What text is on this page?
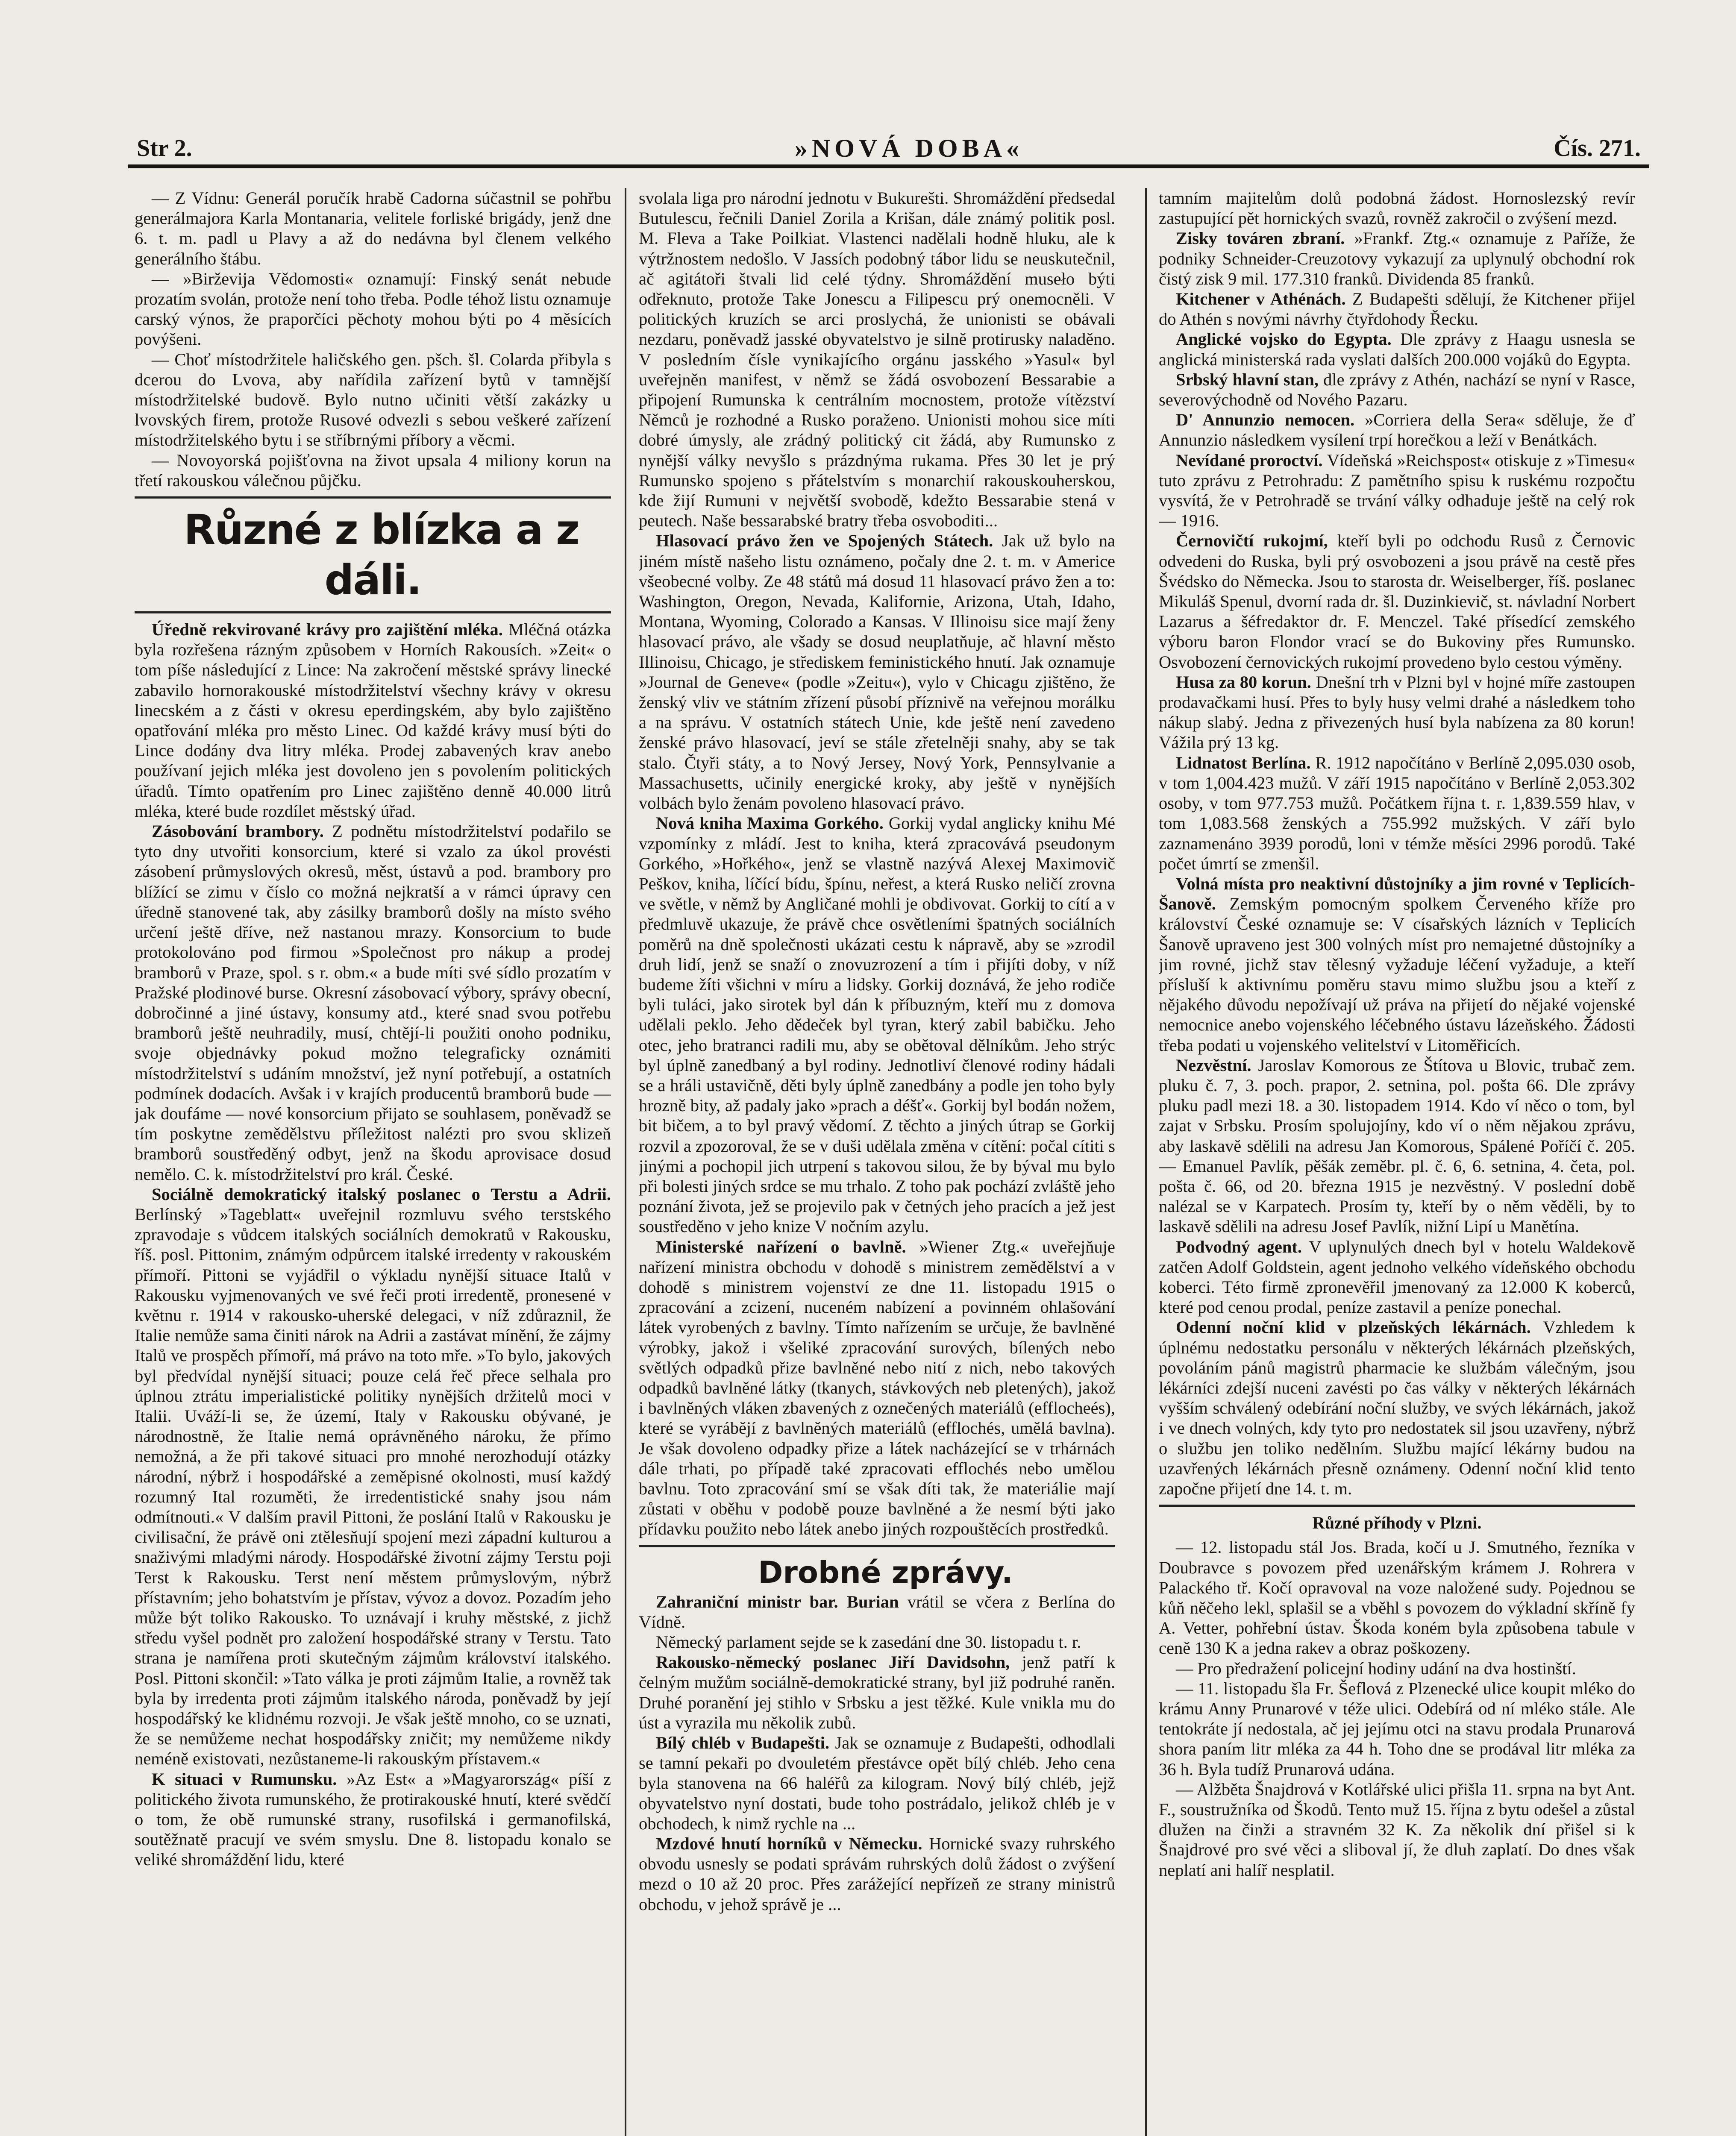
Str 2.	»NOVÁ DOBA«	Čís. 271.

— Z Vídnu: Generál poručík hrabě Cadorna súčastnil se pohřbu generálmajora Karla Montanaria, velitele forliské brigády, jenž dne 6. t. m. padl u Plavy a až do nedávna byl členem velkého generálního štábu.

— »Birževija Vědomosti« oznamují: Finský senát nebude prozatím svolán, protože není toho třeba. Podle téhož listu oznamuje carský výnos, že praporčíci pěchoty mohou býti po 4 měsících povýšeni.

— Choť místodržitele haličského gen. pšch. šl. Colarda přibyla s dcerou do Lvova, aby nařídila zařízení bytů v tamnější místodržitelské budově. Bylo nutno učiniti větší zakázky u lvovských firem, protože Rusové odvezli s sebou veškeré zařízení místodržitelského bytu i se stříbrnými příbory a věcmi.

— Novoyorská pojišťovna na život upsala 4 miliony korun na třetí rakouskou válečnou půjčku.

Různé z blízka a z dáli.

Úředně rekvirované krávy pro zajištění mléka. Mléčná otázka byla rozřešena rázným způsobem v Horních Rakousích. »Zeit« o tom píše následující z Lince: Na zakročení městské správy linecké zabavilo hornorakouské místodržitelství všechny krávy v okresu linecském a z části v okresu eperdingském, aby bylo zajištěno opatřování mléka pro město Linec. Od každé krávy musí býti do Lince dodány dva litry mléka. Prodej zabavených krav anebo používaní jejich mléka jest dovoleno jen s povolením politických úřadů. Tímto opatřením pro Linec zajištěno denně 40.000 litrů mléka, které bude rozdílet městský úřad.

Zásobování brambory. Z podnětu místodržitelství podařilo se tyto dny utvořiti konsorcium, které si vzalo za úkol provésti zásobení průmyslových okresů, měst, ústavů a pod. brambory pro blížící se zimu v číslo co možná nejkratší a v rámci úpravy cen úředně stanovené tak, aby zásilky bramborů došly na místo svého určení ještě dříve, než nastanou mrazy. Konsorcium to bude protokolováno pod firmou »Společnost pro nákup a prodej bramborů v Praze, spol. s r. obm.« a bude míti své sídlo prozatím v Pražské plodinové burse. Okresní zásobovací výbory, správy obecní, dobročinné a jiné ústavy, konsumy atd., které snad svou potřebu bramborů ještě neuhradily, musí, chtějí-li použiti onoho podniku, svoje objednávky pokud možno telegraficky oznámiti místodržitelství s udáním množství, jež nyní potřebují, a ostatních podmínek dodacích. Avšak i v krajích producentů bramborů bude — jak doufáme — nové konsorcium přijato se souhlasem, poněvadž se tím poskytne zemědělstvu příležitost nalézti pro svou sklizeň bramborů soustředěný odbyt, jenž na škodu aprovisace dosud nemělo. C. k. místodržitelství pro král. České.

Sociálně demokratický italský poslanec o Terstu a Adrii. Berlínský »Tageblatt« uveřejnil rozmluvu svého terstského zpravodaje s vůdcem italských sociálních demokratů v Rakousku, říš. posl. Pittonim, známým odpůrcem italské irredenty v rakouském přímoří. Pittoni se vyjádřil o výkladu nynější situace Italů v Rakousku vyjmenovaných ve své řeči proti irredentě, pronesené v květnu r. 1914 v rakousko-uherské delegaci, v níž zdůraznil, že Italie nemůže sama činiti nárok na Adrii a zastávat mínění, že zájmy Italů ve prospěch přímoří, má právo na toto mře. »To bylo, jakových byl předvídal nynější situaci; pouze celá řeč přece selhala pro úplnou ztrátu imperialistické politiky nynějších držitelů moci v Italii. Uváží-li se, že území, Italy v Rakousku obývané, je národnostně, že Italie nemá oprávněného nároku, že přímo nemožná, a že při takové situaci pro mnohé nerozhodují otázky národní, nýbrž i hospodářské a zeměpisné okolnosti, musí každý rozumný Ital rozuměti, že irredentistické snahy jsou nám odmítnouti.« V dalším pravil Pittoni, že poslání Italů v Rakousku je civilisační, že právě oni ztělesňují spojení mezi západní kulturou a snaživými mladými národy. Hospodářské životní zájmy Terstu poji Terst k Rakousku. Terst není městem průmyslovým, nýbrž přístavním; jeho bohatstvím je přístav, vývoz a dovoz. Pozadím jeho může být toliko Rakousko. To uznávají i kruhy městské, z jichž středu vyšel podnět pro založení hospodářské strany v Terstu. Tato strana je namířena proti skutečným zájmům království italského. Posl. Pittoni skončil: »Tato válka je proti zájmům Italie, a rovněž tak byla by irredenta proti zájmům italského národa, poněvadž by její hospodářský ke klidnému rozvoji. Je však ještě mnoho, co se uznati, že se nemůžeme nechat hospodářsky zničit; my nemůžeme nikdy neméně existovati, nezůstaneme-li rakouským přístavem.«

K situaci v Rumunsku. »Az Est« a »Magyarország« píší z politického života rumunského, že protirakouské hnutí, které svědčí o tom, že obě rumunské strany, rusofilská i germanofilská, soutěžnatě pracují ve svém smyslu. Dne 8. listopadu konalo se veliké shromáždění lidu, které

svolala liga pro národní jednotu v Bukurešti. Shromáždění předsedal Butulescu, řečnili Daniel Zorila a Krišan, dále známý politik posl. M. Fleva a Take Poilkiat. Vlastenci nadělali hodně hluku, ale k výtržnostem nedošlo. V Jassích podobný tábor lidu se neuskutečnil, ač agitátoři štvali lid celé týdny. Shromáždění museło býti odřeknuto, protože Take Jonescu a Filipescu prý onemocněli. V politických kruzích se arci proslychá, že unionisti se obávali nezdaru, poněvadž jasské obyvatelstvo je silně protirusky naladěno. V posledním čísle vynikajícího orgánu jasského »Yasul« byl uveřejněn manifest, v němž se žádá osvobození Bessarabie a připojení Rumunska k centrálním mocnostem, protože vítězství Němců je rozhodné a Rusko poraženo. Unionisti mohou sice míti dobré úmysly, ale zrádný politický cit žádá, aby Rumunsko z nynější války nevyšlo s prázdnýma rukama. Přes 30 let je prý Rumunsko spojeno s přátelstvím s monarchií rakouskouherskou, kde žijí Rumuni v největší svobodě, kdežto Bessarabie stená v peutech. Naše bessarabské bratry třeba osvoboditi...

Hlasovací právo žen ve Spojených Státech. Jak už bylo na jiném místě našeho listu oznámeno, počaly dne 2. t. m. v Americe všeobecné volby. Ze 48 států má dosud 11 hlasovací právo žen a to: Washington, Oregon, Nevada, Kalifornie, Arizona, Utah, Idaho, Montana, Wyoming, Colorado a Kansas. V Illinoisu sice mají ženy hlasovací právo, ale všady se dosud neuplatňuje, ač hlavní město Illinoisu, Chicago, je střediskem feministického hnutí. Jak oznamuje »Journal de Geneve« (podle »Zeitu«), vylo v Chicagu zjištěno, že ženský vliv ve státním zřízení působí příznivě na veřejnou morálku a na správu. V ostatních státech Unie, kde ještě není zavedeno ženské právo hlasovací, jeví se stále zřetelněji snahy, aby se tak stalo. Čtyři státy, a to Nový Jersey, Nový York, Pennsylvanie a Massachusetts, učinily energické kroky, aby ještě v nynějších volbách bylo ženám povoleno hlasovací právo.

Nová kniha Maxima Gorkého. Gorkij vydal anglicky knihu Mé vzpomínky z mládí. Jest to kniha, která zpracovává pseudonym Gorkého, »Hořkého«, jenž se vlastně nazývá Alexej Maximovič Peškov, kniha, líčící bídu, špínu, neřest, a která Rusko neličí zrovna ve světle, v němž by Angličané mohli je obdivovat. Gorkij to cítí a v předmluvě ukazuje, že právě chce osvětleními špatných sociálních poměrů na dně společnosti ukázati cestu k nápravě, aby se »zrodil druh lidí, jenž se snaží o znovuzrození a tím i přijíti doby, v níž budeme žíti všichni v míru a lidsky. Gorkij doznává, že jeho rodiče byli tuláci, jako sirotek byl dán k příbuzným, kteří mu z domova udělali peklo. Jeho dědeček byl tyran, který zabil babičku. Jeho otec, jeho bratranci radili mu, aby se obětoval dělníkům. Jeho strýc byl úplně zanedbaný a byl rodiny. Jednotliví členové rodiny hádali se a hráli ustavičně, děti byly úplně zanedbány a podle jen toho byly hrozně bity, až padaly jako »prach a déšť«. Gorkij byl bodán nožem, bit bičem, a to byl pravý vědomí. Z těchto a jiných útrap se Gorkij rozvil a zpozoroval, že se v duši udělala změna v cítění: počal cítiti s jinými a pochopil jich utrpení s takovou silou, že by býval mu bylo při bolesti jiných srdce se mu trhalo. Z toho pak pochází zvláště jeho poznání života, jež se projevilo pak v četných jeho pracích a jež jest soustředěno v jeho knize V nočním azylu.

Ministerské nařízení o bavlně. »Wiener Ztg.« uveřejňuje nařízení ministra obchodu v dohodě s ministrem zemědělství a v dohodě s ministrem vojenství ze dne 11. listopadu 1915 o zpracování a zcizení, nuceném nabízení a povinném ohlašování látek vyrobených z bavlny. Tímto nařízením se určuje, že bavlněné výrobky, jakož i všeliké zpracování surových, bílených nebo světlých odpadků přize bavlněné nebo nití z nich, nebo takových odpadků bavlněné látky (tkanych, stávkových neb pletených), jakož i bavlněných vláken zbavených z oznečených materiálů (efflocheés), které se vyrábějí z bavlněných materiálů (efflochés, umělá bavlna). Je však dovoleno odpadky přize a látek nacházející se v trhárnách dále trhati, po případě také zpracovati efflochés nebo umělou bavlnu. Toto zpracování smí se však díti tak, že materiálie mají zůstati v oběhu v podobě pouze bavlněné a že nesmí býti jako přídavku použito nebo látek anebo jiných rozpouštěcích prostředků.

Drobné zprávy.

Zahraniční ministr bar. Burian vrátil se včera z Berlína do Vídně.

Německý parlament sejde se k zasedání dne 30. listopadu t. r.

Rakousko-německý poslanec Jiří Davidsohn, jenž patří k čelným mužům sociálně-demokratické strany, byl již podruhé raněn. Druhé poranění jej stihlo v Srbsku a jest těžké. Kule vnikla mu do úst a vyrazila mu několik zubů.

Bílý chléb v Budapešti. Jak se oznamuje z Budapešti, odhodlali se tamní pekaři po dvouletém přestávce opět bílý chléb. Jeho cena byla stanovena na 66 haléřů za kilogram. Nový bílý chléb, jejž obyvatelstvo nyní dostati, bude toho postrádalo, jelikož chléb je v obchodech, k nimž rychle na ...

Mzdové hnutí horníků v Německu. Hornické svazy ruhrského obvodu usnesly se podati správám ruhrských dolů žádost o zvýšení mezd o 10 až 20 proc. Přes zarážející nepřízeň ze strany ministrů obchodu, v jehož správě je ...

tamním majitelům dolů podobná žádost. Hornoslezský revír zastupující pět hornických svazů, rovněž zakročil o zvýšení mezd.

Zisky továren zbraní. »Frankf. Ztg.« oznamuje z Paříže, že podniky Schneider-Creuzotovy vykazují za uplynulý obchodní rok čistý zisk 9 mil. 177.310 franků. Dividenda 85 franků.

Kitchener v Athénách. Z Budapešti sdělují, že Kitchener přijel do Athén s novými návrhy čtyřdohody Řecku.

Anglické vojsko do Egypta. Dle zprávy z Haagu usnesla se anglická ministerská rada vyslati dalších 200.000 vojáků do Egypta.

Srbský hlavní stan, dle zprávy z Athén, nachází se nyní v Rasce, severovýchodně od Nového Pazaru.

D' Annunzio nemocen. »Corriera della Sera« sděluje, že ď Annunzio následkem vysílení trpí horečkou a leží v Benátkách.

Nevídané proroctví. Vídeňská »Reichspost« otiskuje z »Timesu« tuto zprávu z Petrohradu: Z pamětního spisu k ruskému rozpočtu vysvítá, že v Petrohradě se trvání války odhaduje ještě na celý rok — 1916.

Černovičtí rukojmí, kteří byli po odchodu Rusů z Černovic odvedeni do Ruska, byli prý osvobozeni a jsou právě na cestě přes Švédsko do Německa. Jsou to starosta dr. Weiselberger, říš. poslanec Mikuláš Spenul, dvorní rada dr. šl. Duzinkievič, st. návladní Norbert Lazarus a šéfredaktor dr. F. Menczel. Také přísedící zemského výboru baron Flondor vrací se do Bukoviny přes Rumunsko. Osvobození černovických rukojmí provedeno bylo cestou výměny.

Husa za 80 korun. Dnešní trh v Plzni byl v hojné míře zastoupen prodavačkami husí. Přes to byly husy velmi drahé a následkem toho nákup slabý. Jedna z přivezených husí byla nabízena za 80 korun! Vážila prý 13 kg.

Lidnatost Berlína. R. 1912 napočítáno v Berlíně 2,095.030 osob, v tom 1,004.423 mužů. V září 1915 napočítáno v Berlíně 2,053.302 osoby, v tom 977.753 mužů. Počátkem října t. r. 1,839.559 hlav, v tom 1,083.568 ženských a 755.992 mužských. V září bylo zaznamenáno 3939 porodů, loni v témže měsíci 2996 porodů. Také počet úmrtí se zmenšil.

Volná místa pro neaktivní důstojníky a jim rovné v Teplicích-Šanově. Zemským pomocným spolkem Červeného kříže pro království České oznamuje se: V císařských lázních v Teplicích Šanově upraveno jest 300 volných míst pro nemajetné důstojníky a jim rovné, jichž stav tělesný vyžaduje léčení vyžaduje, a kteří přísluší k aktivnímu poměru stavu mimo službu jsou a kteří z nějakého důvodu nepožívají už práva na přijetí do nějaké vojenské nemocnice anebo vojenského léčebného ústavu lázeňského. Žádosti třeba podati u vojenského velitelství v Litoměřicích.

Nezvěstní. Jaroslav Komorous ze Štítova u Blovic, trubač zem. pluku č. 7, 3. poch. prapor, 2. setnina, pol. pošta 66. Dle zprávy pluku padl mezi 18. a 30. listopadem 1914. Kdo ví něco o tom, byl zajat v Srbsku. Prosím spolujojíny, kdo ví o něm nějakou zprávu, aby laskavě sdělili na adresu Jan Komorous, Spálené Poříčí č. 205. — Emanuel Pavlík, pěšák zeměbr. pl. č. 6, 6. setnina, 4. četa, pol. pošta č. 66, od 20. března 1915 je nezvěstný. V poslední době nalézal se v Karpatech. Prosím ty, kteří by o něm věděli, by to laskavě sdělili na adresu Josef Pavlík, nižní Lipí u Manětína.

Podvodný agent. V uplynulých dnech byl v hotelu Waldekově zatčen Adolf Goldstein, agent jednoho velkého vídeňského obchodu koberci. Této firmě zpronevěřil jmenovaný za 12.000 K koberců, které pod cenou prodal, peníze zastavil a peníze ponechal.

Odenní noční klid v plzeňských lékárnách. Vzhledem k úplnému nedostatku personálu v některých lékárnách plzeňských, povoláním pánů magistrů pharmacie ke službám válečným, jsou lékárníci zdejší nuceni zavésti po čas války v některých lékárnách vyšším schválený odebírání noční služby, ve svých lékárnách, jakož i ve dnech volných, kdy tyto pro nedostatek sil jsou uzavřeny, nýbrž o službu jen toliko nedělním. Službu mající lékárny budou na uzavřených lékárnách přesně oznámeny. Odenní noční klid tento započne přijetí dne 14. t. m.

Různé příhody v Plzni.

— 12. listopadu stál Jos. Brada, kočí u J. Smutného, řezníka v Doubravce s povozem před uzenářským krámem J. Rohrera v Palackého tř. Kočí opravoval na voze naložené sudy. Pojednou se kůň něčeho lekl, splašil se a vběhl s povozem do výkladní skříně fy A. Vetter, pohřební ústav. Škoda koném byla způsobena tabule v ceně 130 K a jedna rakev a obraz poškozeny.

— Pro předražení policejní hodiny udání na dva hostinští.

— 11. listopadu šla Fr. Šeflová z Plzenecké ulice koupit mléko do krámu Anny Prunarové v téže ulici. Odebírá od ní mléko stále. Ale tentokráte jí nedostala, ač jej jejímu otci na stavu prodala Prunarová shora paním litr mléka za 44 h. Toho dne se prodával litr mléka za 36 h. Byla tudíž Prunarová udána.

— Alžběta Šnajdrová v Kotlářské ulici přišla 11. srpna na byt Ant. F., soustružníka od Škodů. Tento muž 15. října z bytu odešel a zůstal dlužen na činži a stravném 32 K. Za několik dní přišel si k Šnajdrové pro své věci a sliboval jí, že dluh zaplatí. Do dnes však neplatí ani halíř nesplatil.
